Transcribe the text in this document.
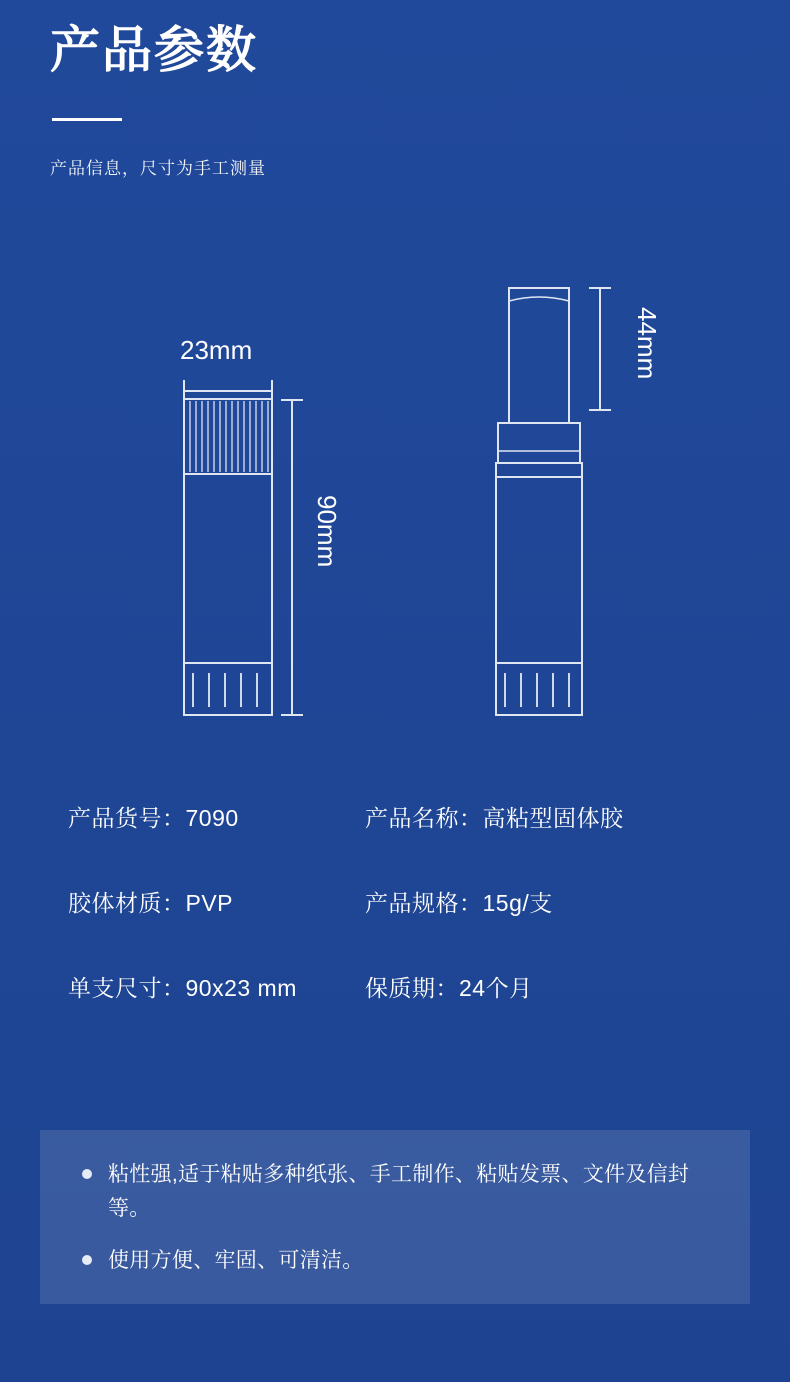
产品参数
产品信息，尺寸为手工测量
23mm
90mm
44mm
产品货号：7090	产品名称：高粘型固体胶
胶体材质：PVP	产品规格：15g/支
单支尺寸：90x23 mm	保质期：24个月
粘性强,适于粘贴多种纸张、手工制作、粘贴发票、文件及信封等。
使用方便、牢固、可清洁。
